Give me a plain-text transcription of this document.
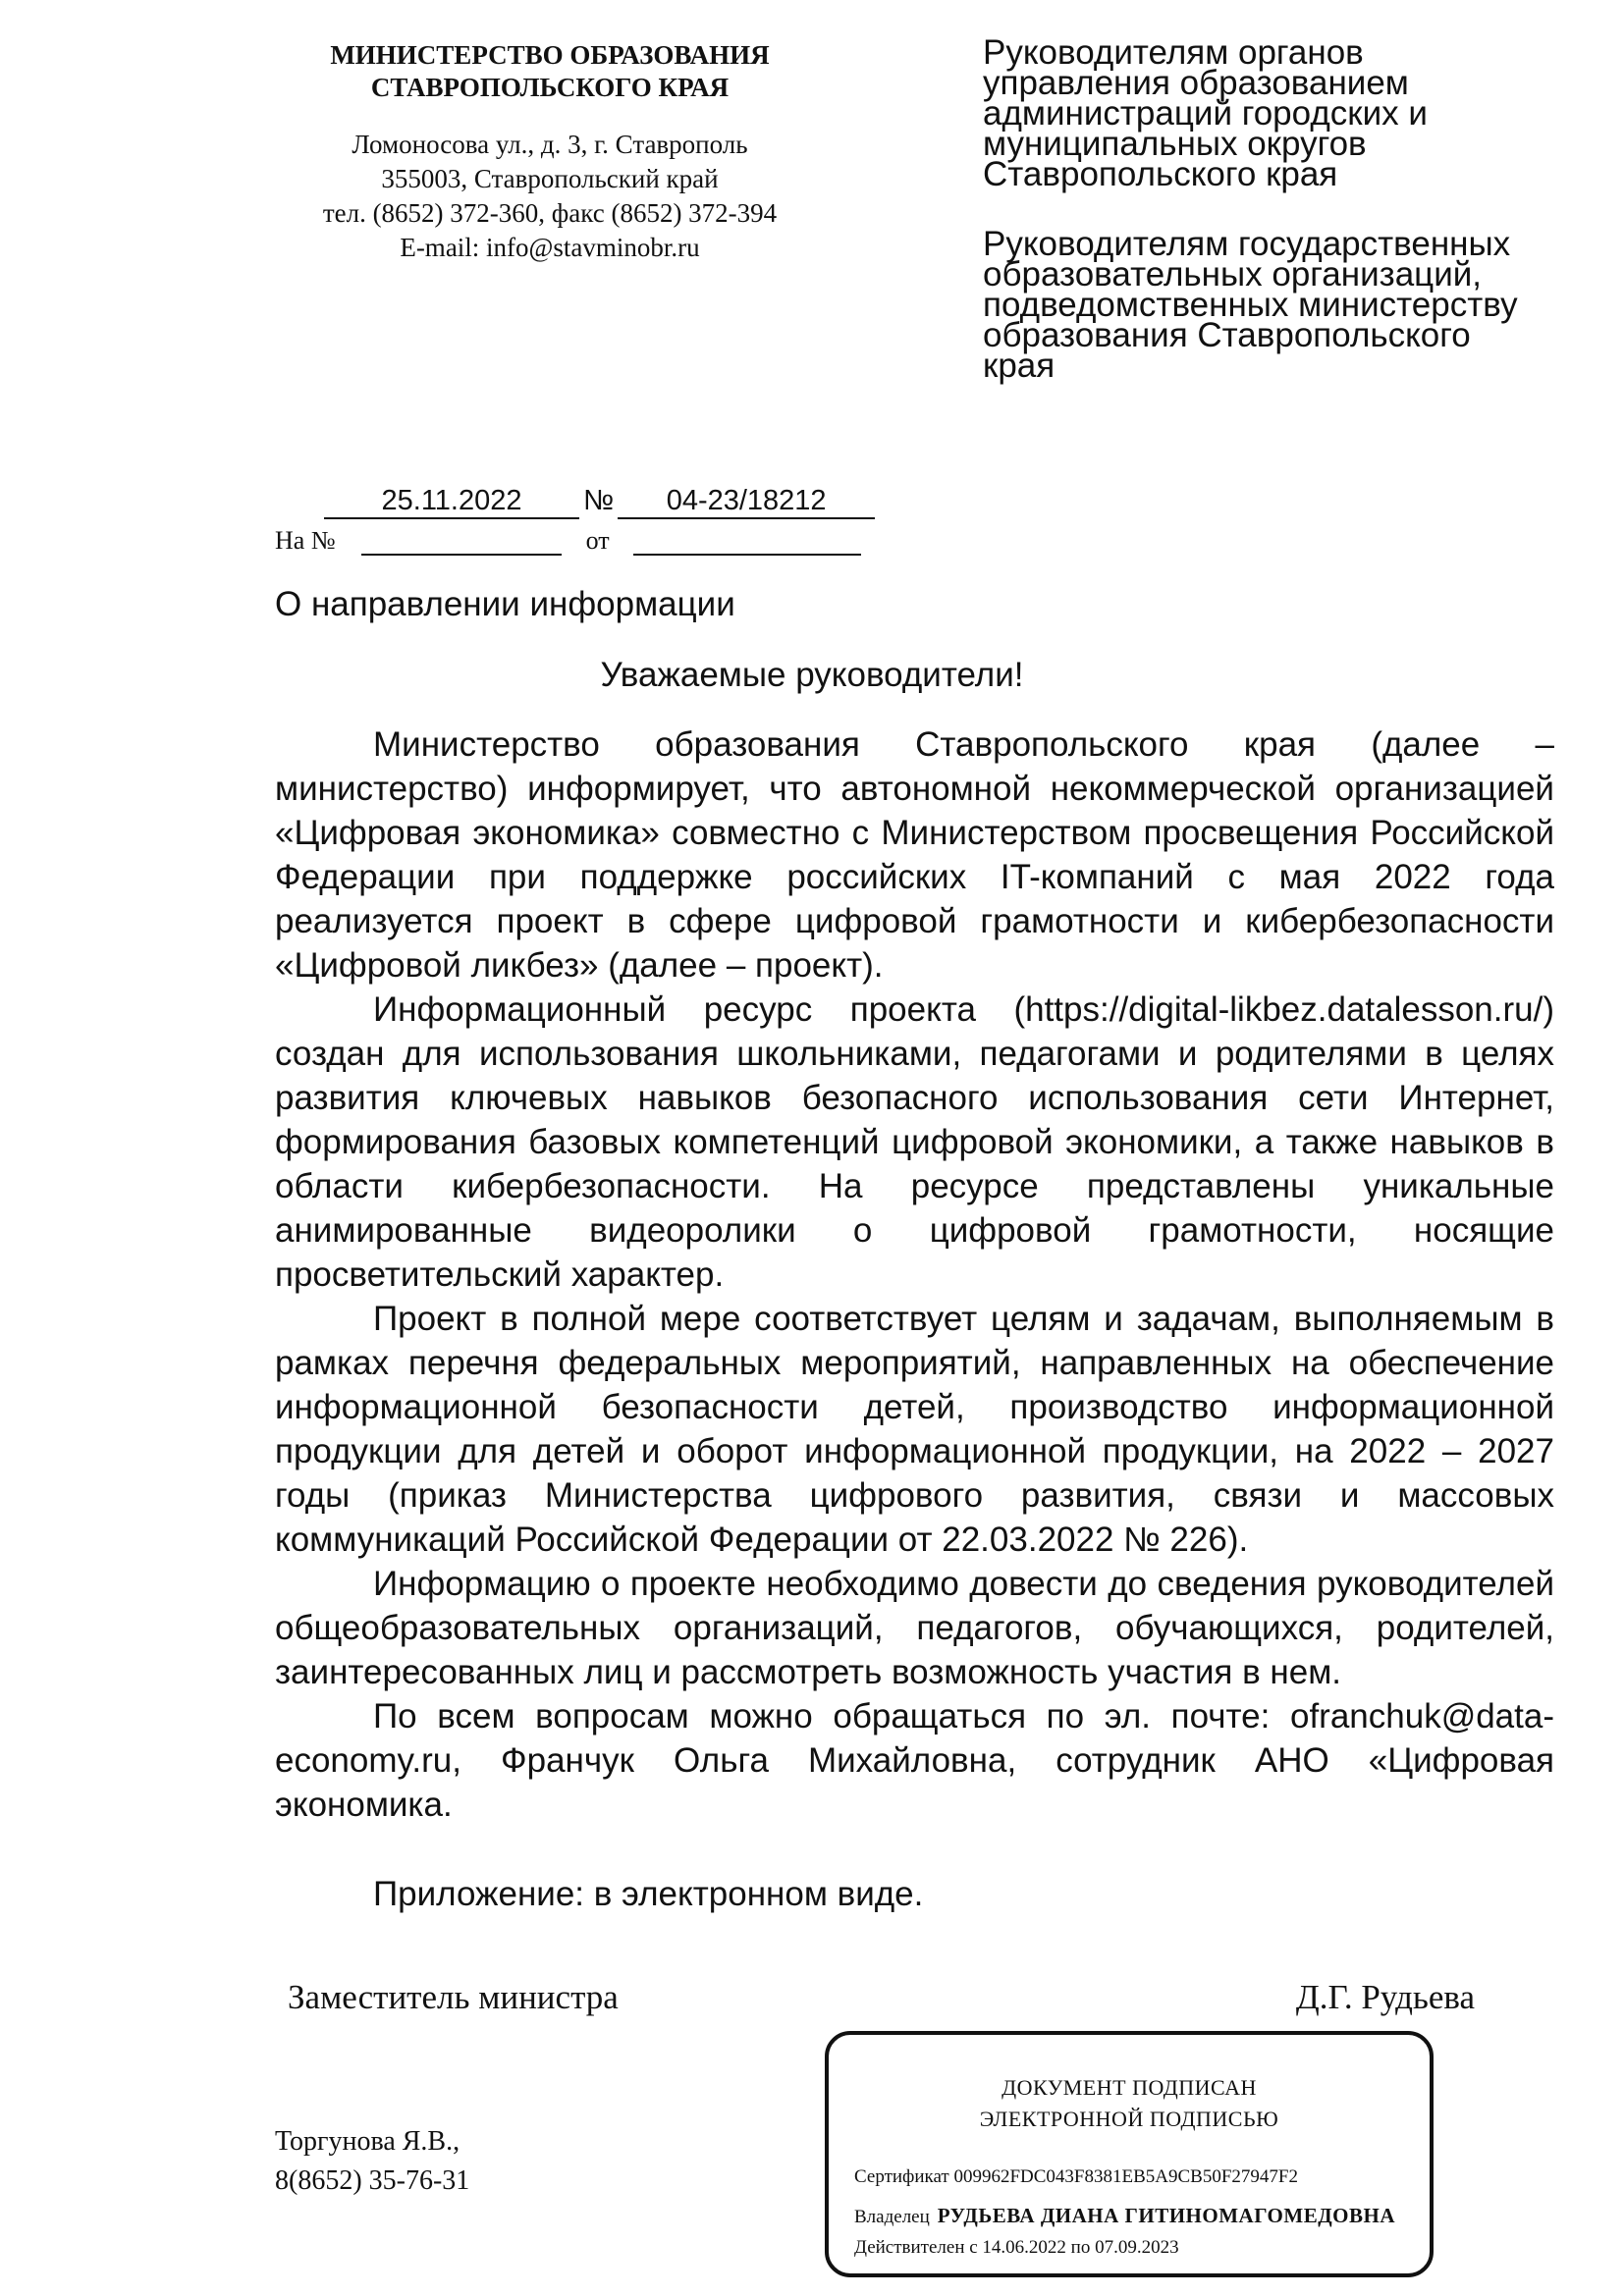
МИНИСТЕРСТВО ОБРАЗОВАНИЯ
СТАВРОПОЛЬСКОГО КРАЯ
Ломоносова ул., д. 3, г. Ставрополь
355003, Ставропольский край
тел. (8652) 372-360, факс (8652) 372-394
E-mail: info@stavminobr.ru

Руководителям органов
управления образованием
администраций городских и
муниципальных округов
Ставропольского края

Руководителям государственных
образовательных организаций,
подведомственных министерству
образования Ставропольского
края

25.11.2022 № 04-23/18212
На №	от
О направлении информации
Уважаемые руководители!

Министерство образования Ставропольского края (далее – министерство) информирует, что автономной некоммерческой организацией «Цифровая экономика» совместно с Министерством просвещения Российской Федерации при поддержке российских IT-компаний с мая 2022 года реализуется проект в сфере цифровой грамотности и кибербезопасности «Цифровой ликбез» (далее – проект).

Информационный ресурс проекта (https://digital-likbez.datalesson.ru/) создан для использования школьниками, педагогами и родителями в целях развития ключевых навыков безопасного использования сети Интернет, формирования базовых компетенций цифровой экономики, а также навыков в области кибербезопасности. На ресурсе представлены уникальные анимированные видеоролики о цифровой грамотности, носящие просветительский характер.

Проект в полной мере соответствует целям и задачам, выполняемым в рамках перечня федеральных мероприятий, направленных на обеспечение информационной безопасности детей, производство информационной продукции для детей и оборот информационной продукции, на 2022 – 2027 годы (приказ Министерства цифрового развития, связи и массовых коммуникаций Российской Федерации от 22.03.2022 № 226).

Информацию о проекте необходимо довести до сведения руководителей общеобразовательных организаций, педагогов, обучающихся, родителей, заинтересованных лиц и рассмотреть возможность участия в нем.

По всем вопросам можно обращаться по эл. почте: ofranchuk@data-economy.ru, Франчук Ольга Михайловна, сотрудник АНО «Цифровая экономика.

Приложение: в электронном виде.
Заместитель министра	Д.Г. Рудьева
Торгунова Я.В.,
8(8652) 35-76-31
ДОКУМЕНТ ПОДПИСАН
ЭЛЕКТРОННОЙ ПОДПИСЬЮ
Сертификат 009962FDC043F8381EB5A9CB50F27947F2
Владелец РУДЬЕВА ДИАНА ГИТИНОМАГОМЕДОВНА
Действителен с 14.06.2022 по 07.09.2023
